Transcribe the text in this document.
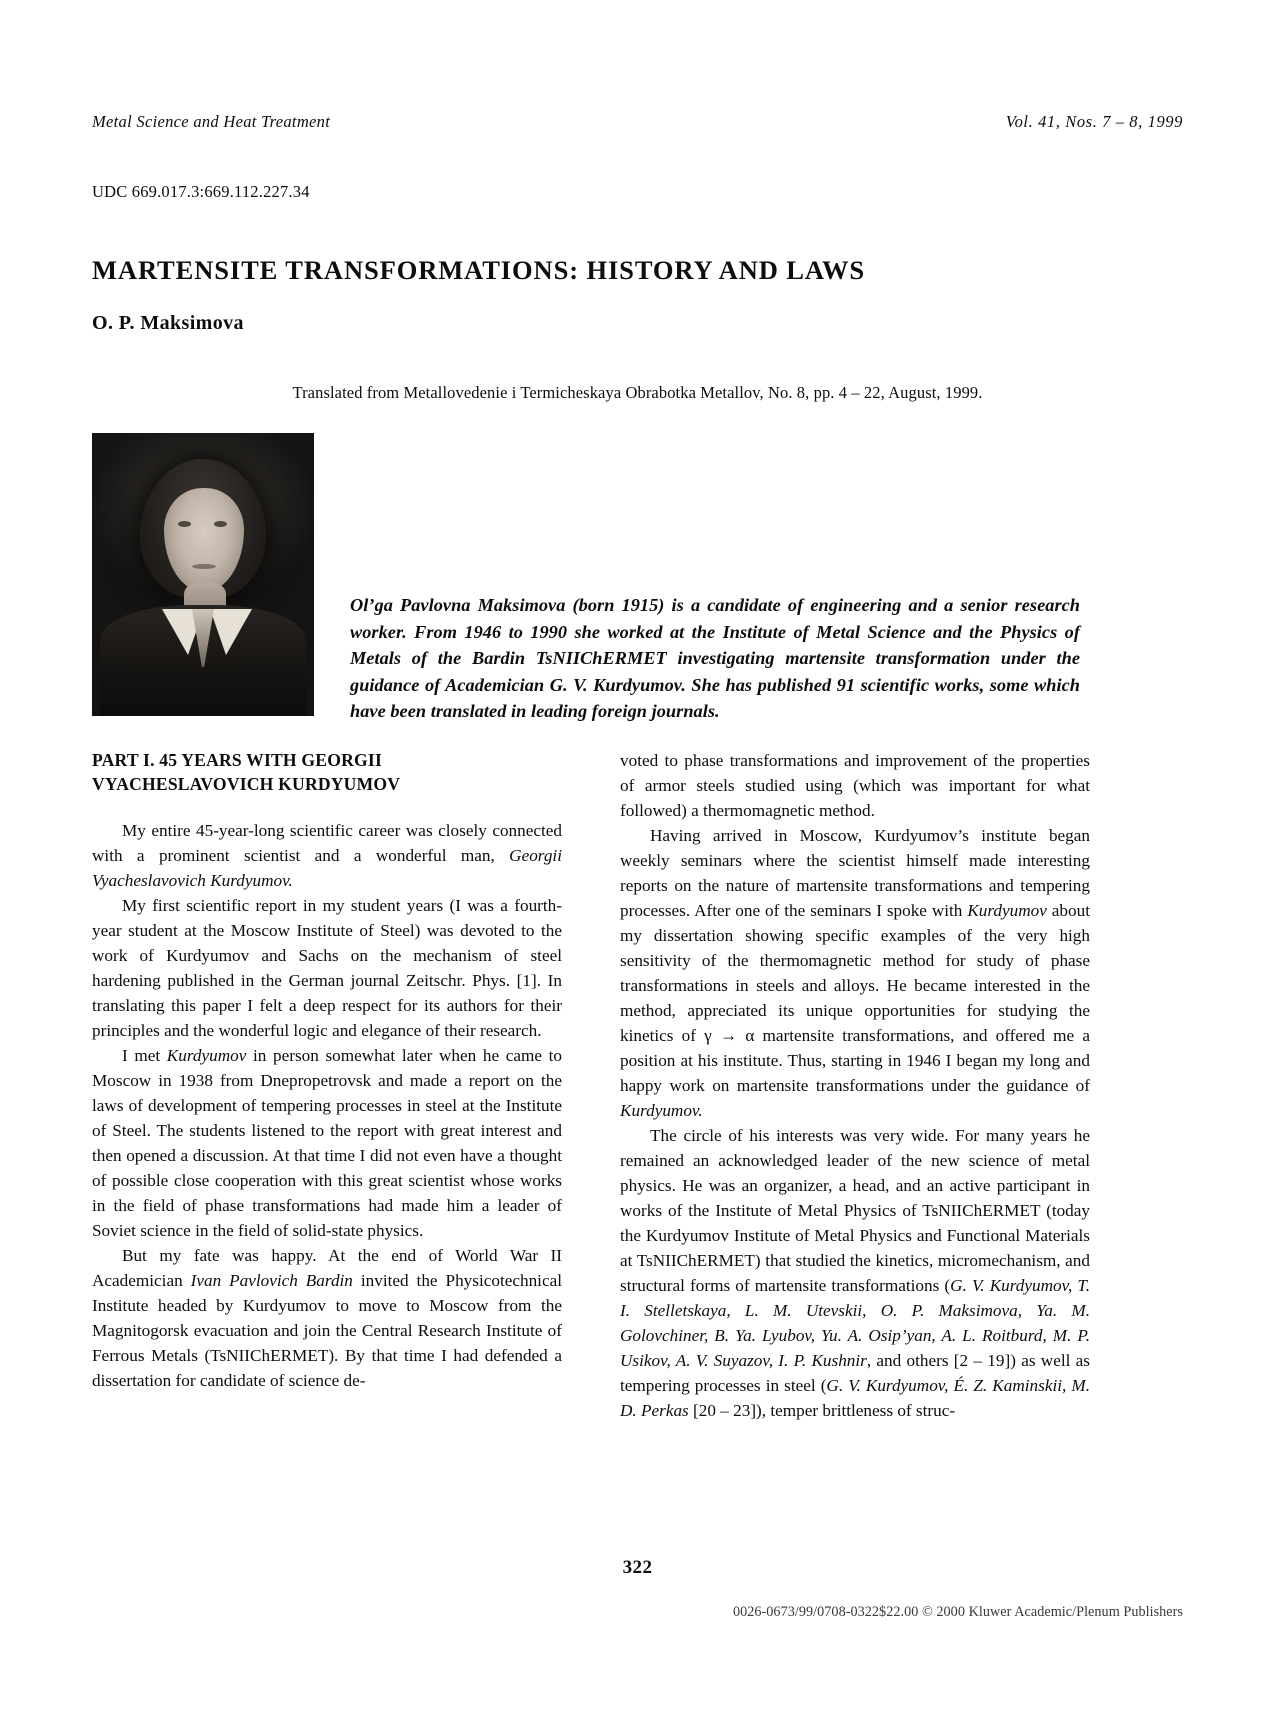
Metal Science and Heat Treatment	Vol. 41, Nos. 7 – 8, 1999
UDC 669.017.3:669.112.227.34
MARTENSITE TRANSFORMATIONS: HISTORY AND LAWS
O. P. Maksimova
Translated from Metallovedenie i Termicheskaya Obrabotka Metallov, No. 8, pp. 4 – 22, August, 1999.
Ol’ga Pavlovna Maksimova (born 1915) is a candidate of engineering and a senior research worker. From 1946 to 1990 she worked at the Institute of Metal Science and the Physics of Metals of the Bardin TsNIIChERMET investigating martensite transformation under the guidance of Academician G. V. Kurdyumov. She has published 91 scientific works, some which have been translated in leading foreign journals.
PART I. 45 YEARS WITH GEORGII VYACHESLAVOVICH KURDYUMOV

My entire 45-year-long scientific career was closely connected with a prominent scientist and a wonderful man, Georgii Vyacheslavovich Kurdyumov.

My first scientific report in my student years (I was a fourth-year student at the Moscow Institute of Steel) was devoted to the work of Kurdyumov and Sachs on the mechanism of steel hardening published in the German journal Zeitschr. Phys. [1]. In translating this paper I felt a deep respect for its authors for their principles and the wonderful logic and elegance of their research.

I met Kurdyumov in person somewhat later when he came to Moscow in 1938 from Dnepropetrovsk and made a report on the laws of development of tempering processes in steel at the Institute of Steel. The students listened to the report with great interest and then opened a discussion. At that time I did not even have a thought of possible close cooperation with this great scientist whose works in the field of phase transformations had made him a leader of Soviet science in the field of solid-state physics.

But my fate was happy. At the end of World War II Academician Ivan Pavlovich Bardin invited the Physicotechnical Institute headed by Kurdyumov to move to Moscow from the Magnitogorsk evacuation and join the Central Research Institute of Ferrous Metals (TsNIIChERMET). By that time I had defended a dissertation for candidate of science de-

voted to phase transformations and improvement of the properties of armor steels studied using (which was important for what followed) a thermomagnetic method.

Having arrived in Moscow, Kurdyumov’s institute began weekly seminars where the scientist himself made interesting reports on the nature of martensite transformations and tempering processes. After one of the seminars I spoke with Kurdyumov about my dissertation showing specific examples of the very high sensitivity of the thermomagnetic method for study of phase transformations in steels and alloys. He became interested in the method, appreciated its unique opportunities for studying the kinetics of γ → α martensite transformations, and offered me a position at his institute. Thus, starting in 1946 I began my long and happy work on martensite transformations under the guidance of Kurdyumov.

The circle of his interests was very wide. For many years he remained an acknowledged leader of the new science of metal physics. He was an organizer, a head, and an active participant in works of the Institute of Metal Physics of TsNIIChERMET (today the Kurdyumov Institute of Metal Physics and Functional Materials at TsNIIChERMET) that studied the kinetics, micromechanism, and structural forms of martensite transformations (G. V. Kurdyumov, T. I. Stelletskaya, L. M. Utevskii, O. P. Maksimova, Ya. M. Golovchiner, B. Ya. Lyubov, Yu. A. Osip’yan, A. L. Roitburd, M. P. Usikov, A. V. Suyazov, I. P. Kushnir, and others [2 – 19]) as well as tempering processes in steel (G. V. Kurdyumov, É. Z. Kaminskii, M. D. Perkas [20 – 23]), temper brittleness of struc-

322
0026-0673/99/0708-0322$22.00 © 2000 Kluwer Academic/Plenum Publishers
